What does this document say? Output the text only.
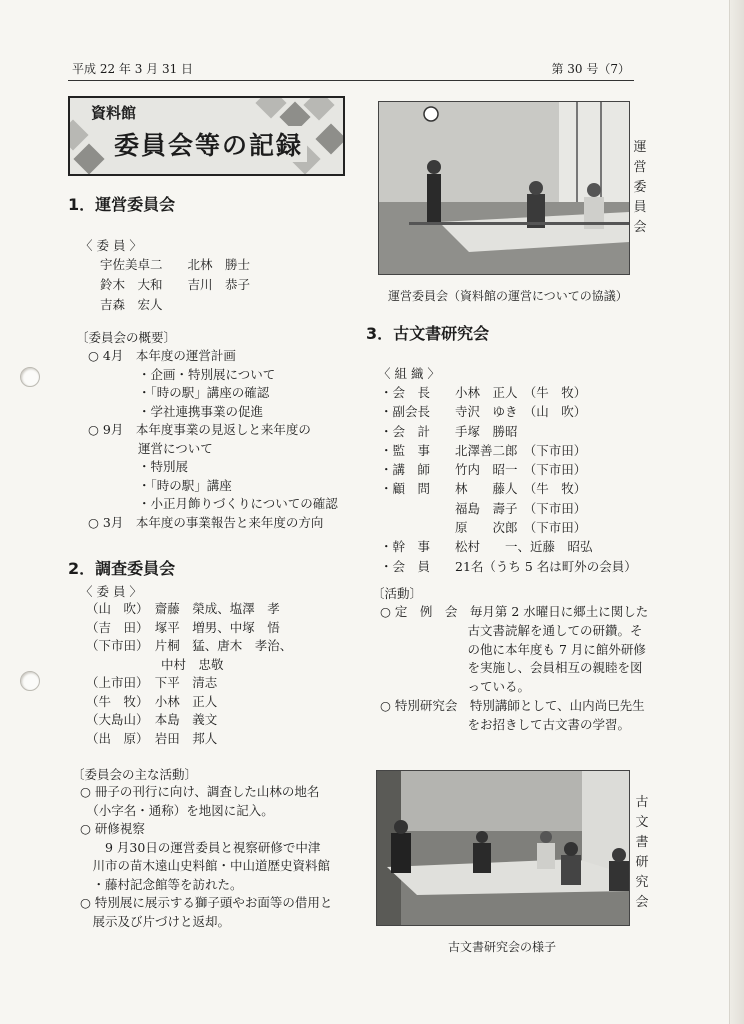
平成 22 年 3 月 31 日	第 30 号（7）
資料館
委員会等の記録
1．運営委員会
〈 委 員 〉
宇佐美卓二　　北林　勝士
鈴木　大和　　吉川　恭子
吉森　宏人
〔委員会の概要〕
○ 4月　本年度の運営計画
　　　　・企画・特別展について
　　　　・「時の駅」講座の確認
　　　　・学社連携事業の促進
○ 9月　本年度事業の見返しと来年度の
　　　　運営について
　　　　・特別展
　　　　・「時の駅」講座
　　　　・小正月飾りづくりについての確認
○ 3月　本年度の事業報告と来年度の方向
2．調査委員会
〈 委 員 〉
（山　吹）　齋藤　榮成、塩澤　孝
（吉　田）　塚平　増男、中塚　悟
（下市田）　片桐　猛、唐木　孝治、
　　　　　　中村　忠敬
（上市田）　下平　清志
（牛　牧）　小林　正人
（大島山）　本島　義文
（出　原）　岩田　邦人
〔委員会の主な活動〕
○ 冊子の刊行に向け、調査した山林の地名
　（小字名・通称）を地図に記入。
○ 研修視察
　　9 月30日の運営委員と視察研修で中津
　川市の苗木遠山史料館・中山道歴史資料館
　・藤村記念館等を訪れた。
○ 特別展に展示する獅子頭やお面等の借用と
　展示及び片づけと返却。
運
営
委
員
会
運営委員会（資料館の運営についての協議）
3．古文書研究会
〈 組 織 〉
・会　長　　小林　正人　（牛　牧）
・副会長　　寺沢　ゆき　（山　吹）
・会　計　　手塚　勝昭
・監　事　　北澤善二郎　（下市田）
・講　師　　竹内　昭一　（下市田）
・顧　問　　林　　藤人　（牛　牧）
　　　　　　福島　壽子　（下市田）
　　　　　　原　　次郎　（下市田）
・幹　事　　松村　　一、近藤　昭弘
・会　員　　21名（うち 5 名は町外の会員）
〔活動〕
○ 定　例　会　毎月第 2 水曜日に郷土に関した
　　　　　　　古文書読解を通しての研鑽。そ
　　　　　　　の他に本年度も 7 月に館外研修
　　　　　　　を実施し、会員相互の親睦を図
　　　　　　　っている。
○ 特別研究会　特別講師として、山内尚巳先生
　　　　　　　をお招きして古文書の学習。
古
文
書
研
究
会
古文書研究会の様子
